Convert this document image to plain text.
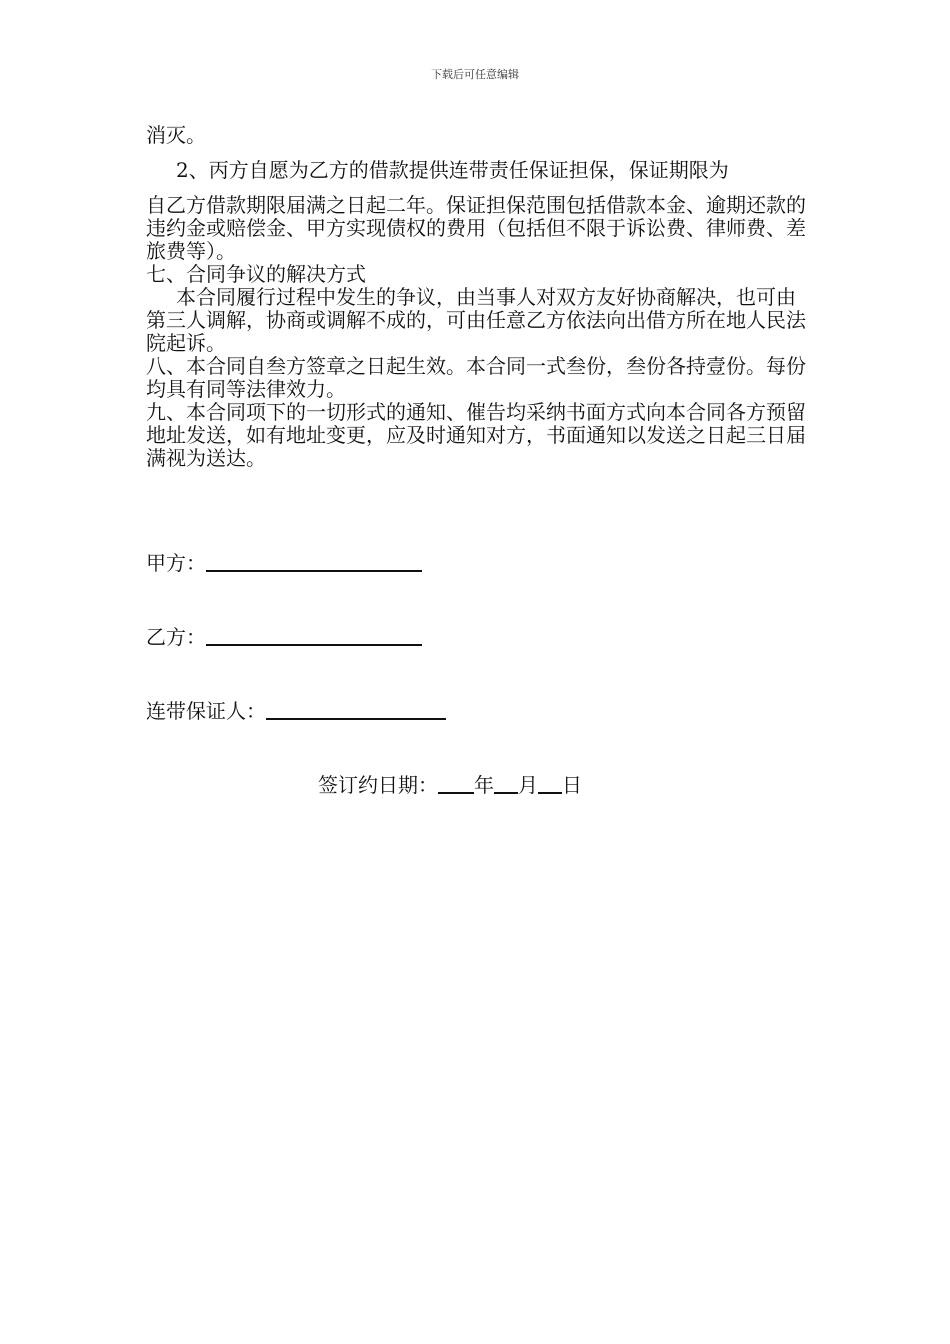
下载后可任意编辑

消灭。

2、丙方自愿为乙方的借款提供连带责任保证担保，保证期限为

自乙方借款期限届满之日起二年。保证担保范围包括借款本金、逾期还款的违约金或赔偿金、甲方实现债权的费用（包括但不限于诉讼费、律师费、差旅费等）。

七、合同争议的解决方式

本合同履行过程中发生的争议，由当事人对双方友好协商解决，也可由第三人调解，协商或调解不成的，可由任意乙方依法向出借方所在地人民法院起诉。

八、本合同自叁方签章之日起生效。本合同一式叁份，叁份各持壹份。每份均具有同等法律效力。

九、本合同项下的一切形式的通知、催告均采纳书面方式向本合同各方预留地址发送，如有地址变更，应及时通知对方，书面通知以发送之日起三日届满视为送达。

甲方：
乙方：
连带保证人：
签订约日期： 年 月 日
